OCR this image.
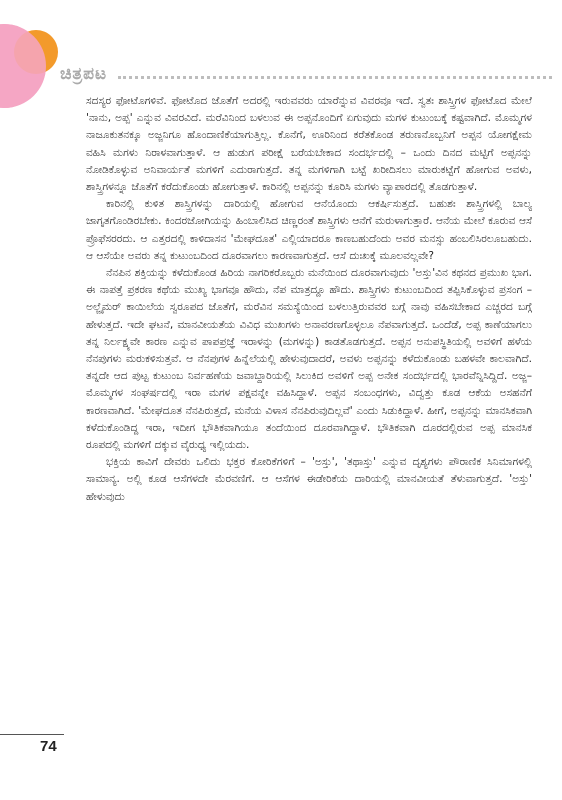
ಚಿತ್ರಪಟ

ಸದಸ್ಯರ ಫೋಟೊಗಳಿವೆ. ಫೋಟೊದ ಜೊತೆಗೆ ಅದರಲ್ಲಿ ಇರುವವರು ಯಾರೆನ್ನುವ ವಿವರವೂ ಇದೆ. ಸ್ವತಃ ಶಾಸ್ತ್ರಿಗಳ ಫೋಟೊದ ಮೇಲೆ 'ನಾನು, ಅಪ್ಪ' ಎನ್ನುವ ವಿವರವಿದೆ. ಮರೆವಿನಿಂದ ಬಳಲುವ ಈ ಅಪ್ಪನೊಂದಿಗೆ ಏಗುವುದು ಮಗಳ ಕುಟುಂಬಕ್ಕೆ ಕಷ್ಟವಾಗಿದೆ. ಮೊಮ್ಮಗಳ ನಾಜೂಕುತನಕ್ಕೂ ಅಜ್ಜನಿಗೂ ಹೊಂದಾಣಿಕೆಯಾಗುತ್ತಿಲ್ಲ. ಕೊನೆಗೆ, ಊರಿನಿಂದ ಕರೆತಕೊಂಡ ತರುಣನೊಬ್ಬನಿಗೆ ಅಪ್ಪನ ಯೋಗಕ್ಷೇಮ ವಹಿಸಿ ಮಗಳು ನಿರಾಳವಾಗುತ್ತಾಳೆ. ಆ ಹುಡುಗ ಪರೀಕ್ಷೆ ಬರೆಯಬೇಕಾದ ಸಂದರ್ಭದಲ್ಲಿ – ಒಂದು ದಿನದ ಮಟ್ಟಿಗೆ ಅಪ್ಪನನ್ನು ನೋಡಿಕೊಳ್ಳುವ ಅನಿವಾರ್ಯತೆ ಮಗಳಿಗೆ ಎದುರಾಗುತ್ತದೆ. ತನ್ನ ಮಗಳಿಗಾಗಿ ಬಟ್ಟೆ ಖರೀದಿಸಲು ಮಾರುಕಟ್ಟೆಗೆ ಹೋಗುವ ಅವಳು, ಶಾಸ್ತ್ರಿಗಳನ್ನೂ ಜೊತೆಗೆ ಕರೆದುಕೊಂಡು ಹೋಗುತ್ತಾಳೆ. ಕಾರಿನಲ್ಲಿ ಅಪ್ಪನನ್ನು ಕೂರಿಸಿ ಮಗಳು ವ್ಯಾಪಾರದಲ್ಲಿ ತೊಡಗುತ್ತಾಳೆ.

ಕಾರಿನಲ್ಲಿ ಕುಳಿತ ಶಾಸ್ತ್ರಿಗಳನ್ನು ದಾರಿಯಲ್ಲಿ ಹೋಗುವ ಆನೆಯೊಂದು ಆಕರ್ಷಿಸುತ್ತದೆ. ಬಹುಶಃ ಶಾಸ್ತ್ರಿಗಳಲ್ಲಿ ಬಾಲ್ಯ ಜಾಗೃತಗೊಂಡಿರಬೇಕು. ಕಿಂದರಜೋಗಿಯನ್ನು ಹಿಂಬಾಲಿಸಿದ ಚಿಣ್ಣರಂತೆ ಶಾಸ್ತ್ರಿಗಳು ಆನೆಗೆ ಮರುಳಾಗುತ್ತಾರೆ. ಆನೆಯ ಮೇಲೆ ಕೂರುವ ಆಸೆ ಪ್ರೊಫೆಸರರದು. ಆ ಎತ್ತರದಲ್ಲಿ ಕಾಳಿದಾಸನ 'ಮೇಘದೂತ' ಎಲ್ಲಿಯಾದರೂ ಕಾಣಬಹುದೆಂದು ಅವರ ಮನಸ್ಸು ಹಂಬಲಿಸಿರಲೂಬಹುದು. ಆ ಆಸೆಯೇ ಅವರು ತನ್ನ ಕುಟುಂಬದಿಂದ ದೂರವಾಗಲು ಕಾರಣವಾಗುತ್ತದೆ. ಆಸೆ ದುಃಖಕ್ಕೆ ಮೂಲವಲ್ಲವೇ?

ನೆನಪಿನ ಶಕ್ತಿಯನ್ನು ಕಳೆದುಕೊಂಡ ಹಿರಿಯ ನಾಗರಿಕರೊಬ್ಬರು ಮನೆಯಿಂದ ದೂರವಾಗುವುದು 'ಅಸ್ತು'ವಿನ ಕಥನದ ಪ್ರಮುಖ ಭಾಗ. ಈ ನಾಪತ್ತೆ ಪ್ರಕರಣ ಕಥೆಯ ಮುಖ್ಯ ಭಾಗವೂ ಹೌದು, ನೆಪ ಮಾತ್ರದ್ದೂ ಹೌದು. ಶಾಸ್ತ್ರಿಗಳು ಕುಟುಂಬದಿಂದ ತಪ್ಪಿಸಿಕೊಳ್ಳುವ ಪ್ರಸಂಗ – ಅಲ್ಜೈಮರ್ ಕಾಯಿಲೆಯ ಸ್ವರೂಪದ ಜೊತೆಗೆ, ಮರೆವಿನ ಸಮಸ್ಯೆಯಿಂದ ಬಳಲುತ್ತಿರುವವರ ಬಗ್ಗೆ ನಾವು ವಹಿಸಬೇಕಾದ ಎಚ್ಚರದ ಬಗ್ಗೆ ಹೇಳುತ್ತದೆ. ಇದೇ ಘಟನೆ, ಮಾನವೀಯತೆಯ ವಿವಿಧ ಮುಖಗಳು ಅನಾವರಣಗೊಳ್ಳಲೂ ನೆಪವಾಗುತ್ತದೆ. ಒಂದೆಡೆ, ಅಪ್ಪ ಕಾಣೆಯಾಗಲು ತನ್ನ ನಿರ್ಲಕ್ಷ್ಯವೇ ಕಾರಣ ಎನ್ನುವ ಪಾಪಪ್ರಜ್ಞೆ ಇರಾಳನ್ನು (ಮಗಳನ್ನು) ಕಾಡತೊಡಗುತ್ತದೆ. ಅಪ್ಪನ ಅನುಪಸ್ಥಿತಿಯಲ್ಲಿ ಅವಳಿಗೆ ಹಳೆಯ ನೆನಪುಗಳು ಮರುಕಳಿಸುತ್ತವೆ. ಆ ನೆನಪುಗಳ ಹಿನ್ನೆಲೆಯಲ್ಲಿ ಹೇಳುವುದಾದರೆ, ಅವಳು ಅಪ್ಪನನ್ನು ಕಳೆದುಕೊಂಡು ಬಹಳವೇ ಕಾಲವಾಗಿದೆ. ತನ್ನದೇ ಆದ ಪುಟ್ಟ ಕುಟುಂಬ ನಿರ್ವಹಣೆಯ ಜವಾಬ್ದಾರಿಯಲ್ಲಿ ಸಿಲುಕಿದ ಅವಳಿಗೆ ಅಪ್ಪ ಅನೇಕ ಸಂದರ್ಭದಲ್ಲಿ ಭಾರವೆನ್ನಿಸಿದ್ದಿದೆ. ಅಜ್ಜ–ಮೊಮ್ಮಗಳ ಸಂಘರ್ಷದಲ್ಲಿ ಇರಾ ಮಗಳ ಪಕ್ಷವನ್ನೇ ವಹಿಸಿದ್ದಾಳೆ. ಅಪ್ಪನ ಸಂಬಂಧಗಳು, ವಿದ್ವತ್ತು ಕೂಡ ಆಕೆಯ ಅಸಹನೆಗೆ ಕಾರಣವಾಗಿದೆ. 'ಮೇಘದೂತ ನೆನಪಿರುತ್ತದೆ, ಮನೆಯ ವಿಳಾಸ ನೆನಪಿರುವುದಿಲ್ಲವೆ' ಎಂದು ಸಿಡುಕಿದ್ದಾಳೆ. ಹೀಗೆ, ಅಪ್ಪನನ್ನು ಮಾನಸಿಕವಾಗಿ ಕಳೆದುಕೊಂಡಿದ್ದ ಇರಾ, ಇದೀಗ ಭೌತಿಕವಾಗಿಯೂ ತಂದೆಯಿಂದ ದೂರವಾಗಿದ್ದಾಳೆ. ಭೌತಿಕವಾಗಿ ದೂರದಲ್ಲಿರುವ ಅಪ್ಪ ಮಾನಸಿಕ ರೂಪದಲ್ಲಿ ಮಗಳಿಗೆ ದಕ್ಕುವ ವೈರುಧ್ಯ ಇಲ್ಲಿಯದು.

ಭಕ್ತಿಯ ಕಾವಿಗೆ ದೇವರು ಒಲಿದು ಭಕ್ತರ ಕೋರಿಕೆಗಳಿಗೆ – 'ಅಸ್ತು', 'ತಥಾಸ್ತು' ಎನ್ನುವ ದೃಶ್ಯಗಳು ಪೌರಾಣಿಕ ಸಿನಿಮಾಗಳಲ್ಲಿ ಸಾಮಾನ್ಯ. ಅಲ್ಲಿ ಕೂಡ ಆಸೆಗಳದೇ ಮೆರವಣಿಗೆ. ಆ ಆಸೆಗಳ ಈಡೇರಿಕೆಯ ದಾರಿಯಲ್ಲಿ ಮಾನವೀಯತೆ ತೆಳುವಾಗುತ್ತದೆ. 'ಅಸ್ತು' ಹೇಳುವುದು

74
